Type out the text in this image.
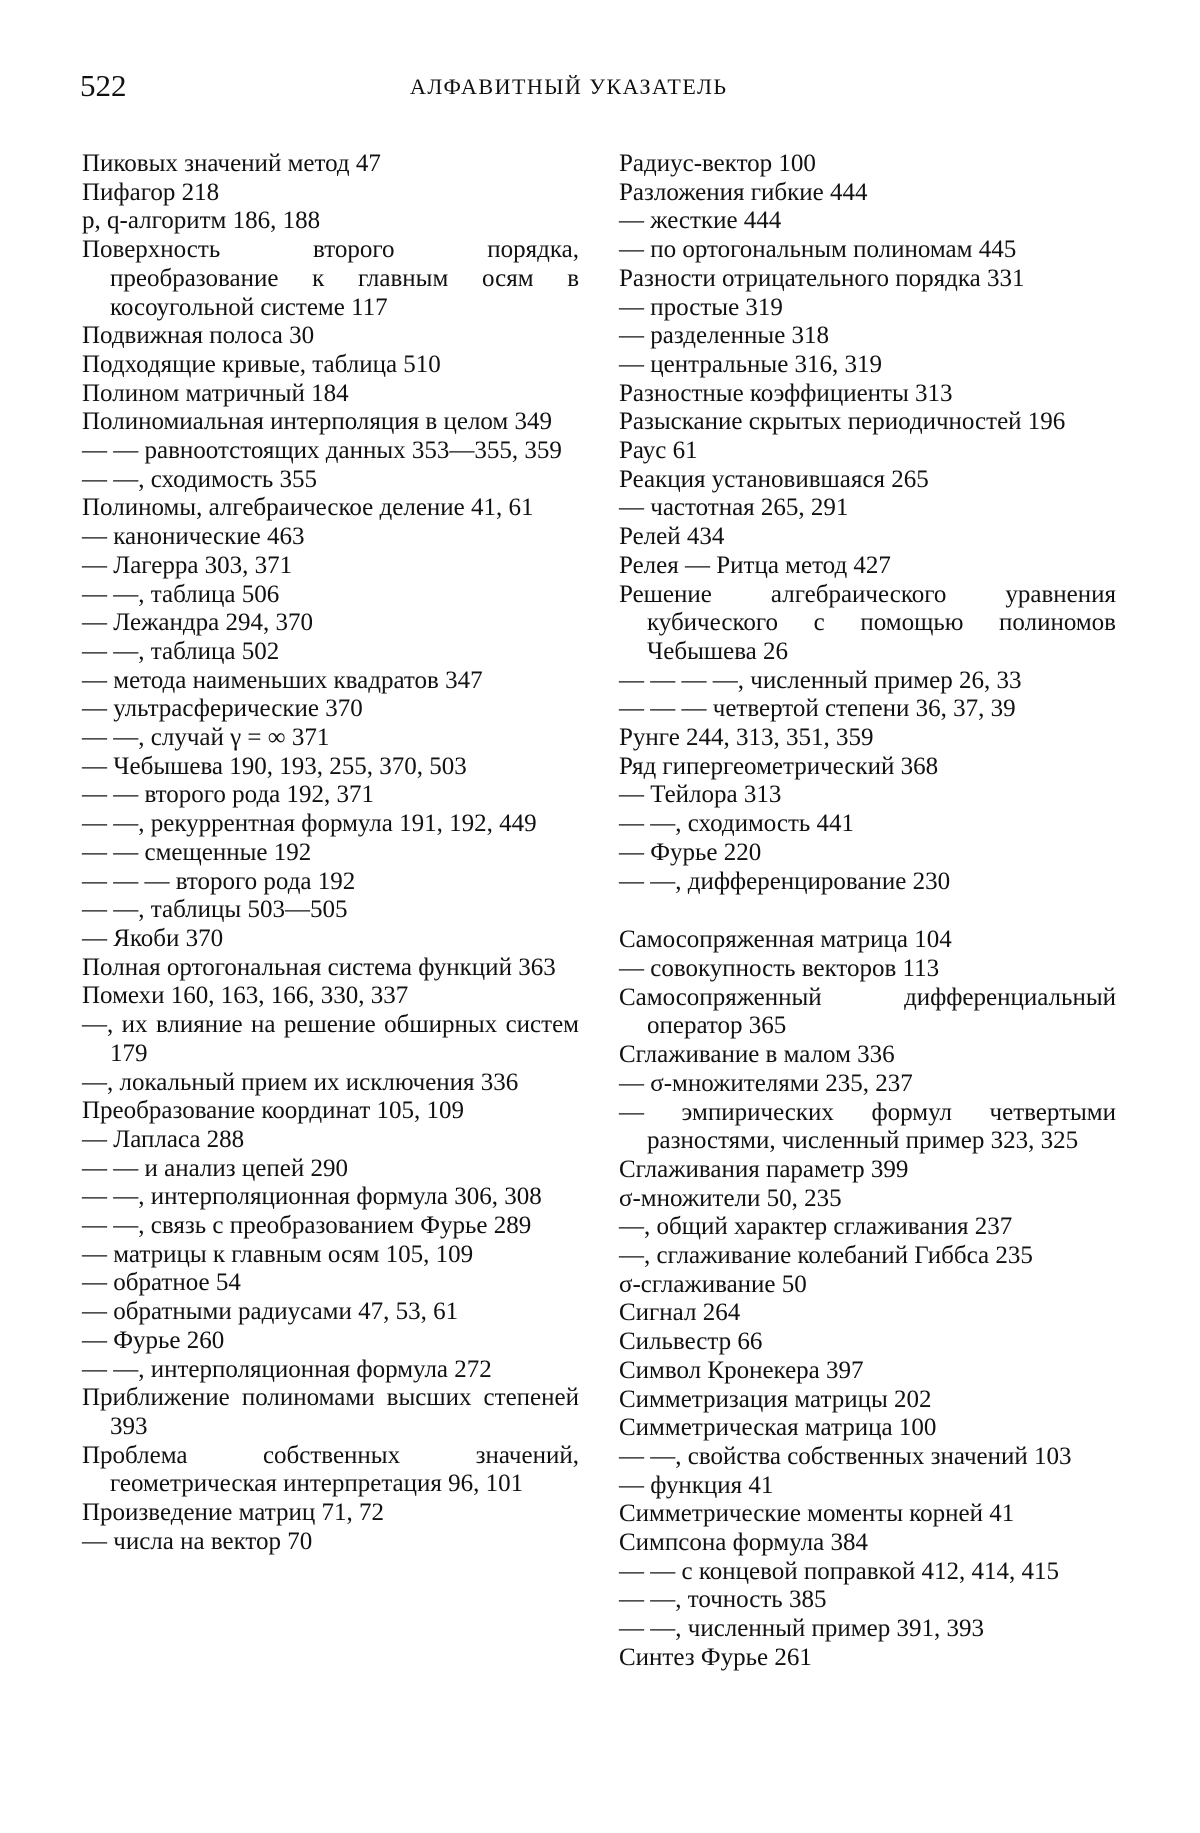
522	АЛФАВИТНЫЙ УКАЗАТЕЛЬ
Пиковых значений метод 47
Пифагор 218
p, q-алгоритм 186, 188
Поверхность второго порядка, преобразование к главным осям в косоугольной системе 117
Подвижная полоса 30
Подходящие кривые, таблица 510
Полином матричный 184
Полиномиальная интерполяция в целом 349
— — равноотстоящих данных 353—355, 359
— —, сходимость 355
Полиномы, алгебраическое деление 41, 61
— канонические 463
— Лагерра 303, 371
— —, таблица 506
— Лежандра 294, 370
— —, таблица 502
— метода наименьших квадратов 347
— ультрасферические 370
— —, случай γ = ∞ 371
— Чебышева 190, 193, 255, 370, 503
— — второго рода 192, 371
— —, рекуррентная формула 191, 192, 449
— — смещенные 192
— — — второго рода 192
— —, таблицы 503—505
— Якоби 370
Полная ортогональная система функций 363
Помехи 160, 163, 166, 330, 337
—, их влияние на решение обширных систем 179
—, локальный прием их исключения 336
Преобразование координат 105, 109
— Лапласа 288
— — и анализ цепей 290
— —, интерполяционная формула 306, 308
— —, связь с преобразованием Фурье 289
— матрицы к главным осям 105, 109
— обратное 54
— обратными радиусами 47, 53, 61
— Фурье 260
— —, интерполяционная формула 272
Приближение полиномами высших степеней 393
Проблема собственных значений, геометрическая интерпретация 96, 101
Произведение матриц 71, 72
— числа на вектор 70
Радиус-вектор 100
Разложения гибкие 444
— жесткие 444
— по ортогональным полиномам 445
Разности отрицательного порядка 331
— простые 319
— разделенные 318
— центральные 316, 319
Разностные коэффициенты 313
Разыскание скрытых периодичностей 196
Раус 61
Реакция установившаяся 265
— частотная 265, 291
Релей 434
Релея — Ритца метод 427
Решение алгебраического уравнения кубического с помощью полиномов Чебышева 26
— — — —, численный пример 26, 33
— — — четвертой степени 36, 37, 39
Рунге 244, 313, 351, 359
Ряд гипергеометрический 368
— Тейлора 313
— —, сходимость 441
— Фурье 220
— —, дифференцирование 230
Самосопряженная матрица 104
— совокупность векторов 113
Самосопряженный дифференциальный оператор 365
Сглаживание в малом 336
— σ-множителями 235, 237
— эмпирических формул четвертыми разностями, численный пример 323, 325
Сглаживания параметр 399
σ-множители 50, 235
—, общий характер сглаживания 237
—, сглаживание колебаний Гиббса 235
σ-сглаживание 50
Сигнал 264
Сильвестр 66
Символ Кронекера 397
Симметризация матрицы 202
Симметрическая матрица 100
— —, свойства собственных значений 103
— функция 41
Симметрические моменты корней 41
Симпсона формула 384
— — с концевой поправкой 412, 414, 415
— —, точность 385
— —, численный пример 391, 393
Синтез Фурье 261
